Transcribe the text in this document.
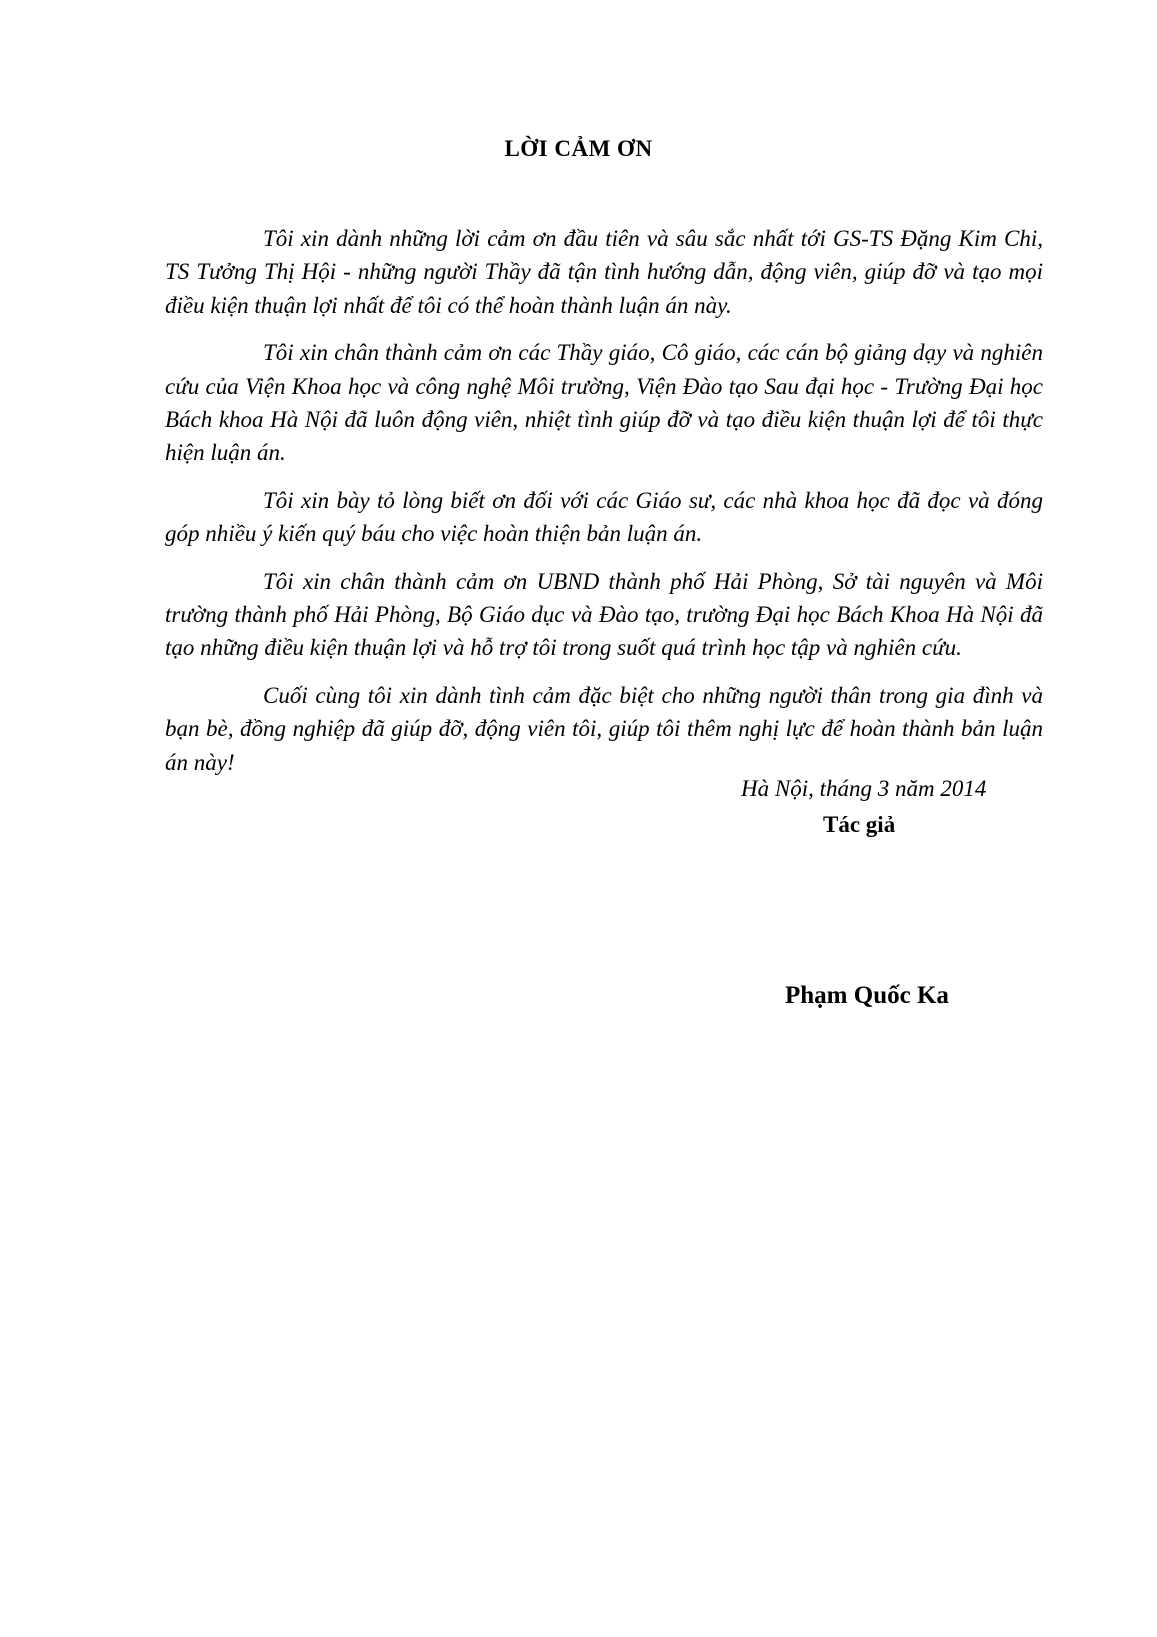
LỜI CẢM ƠN

Tôi xin dành những lời cảm ơn đầu tiên và sâu sắc nhất tới GS-TS Đặng Kim Chi, TS Tưởng Thị Hội - những người Thầy đã tận tình hướng dẫn, động viên, giúp đỡ và tạo mọi điều kiện thuận lợi nhất để tôi có thể hoàn thành luận án này.

Tôi xin chân thành cảm ơn các Thầy giáo, Cô giáo, các cán bộ giảng dạy và nghiên cứu của Viện Khoa học và công nghệ Môi trường, Viện Đào tạo Sau đại học - Trường Đại học Bách khoa Hà Nội đã luôn động viên, nhiệt tình giúp đỡ và tạo điều kiện thuận lợi để tôi thực hiện luận án.

Tôi xin bày tỏ lòng biết ơn đối với các Giáo sư, các nhà khoa học đã đọc và đóng góp nhiều ý kiến quý báu cho việc hoàn thiện bản luận án.

Tôi xin chân thành cảm ơn UBND thành phố Hải Phòng, Sở tài nguyên và Môi trường thành phố Hải Phòng, Bộ Giáo dục và Đào tạo, trường Đại học Bách Khoa Hà Nội đã tạo những điều kiện thuận lợi và hỗ trợ tôi trong suốt quá trình học tập và nghiên cứu.

Cuối cùng tôi xin dành tình cảm đặc biệt cho những người thân trong gia đình và bạn bè, đồng nghiệp đã giúp đỡ, động viên tôi, giúp tôi thêm nghị lực để hoàn thành bản luận án này!

Hà Nội, tháng 3 năm 2014

Tác giả

Phạm Quốc Ka
